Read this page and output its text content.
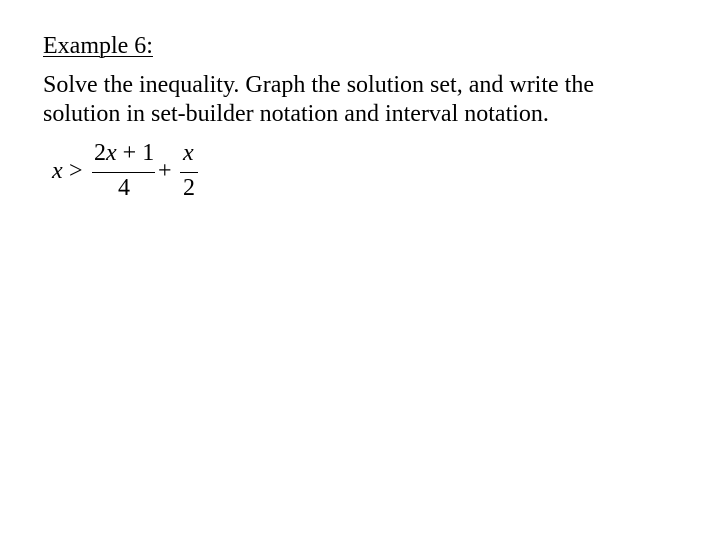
Example 6:
Solve the inequality. Graph the solution set, and write the
solution in set-builder notation and interval notation.
x >
2x + 1
4
+
x
2
